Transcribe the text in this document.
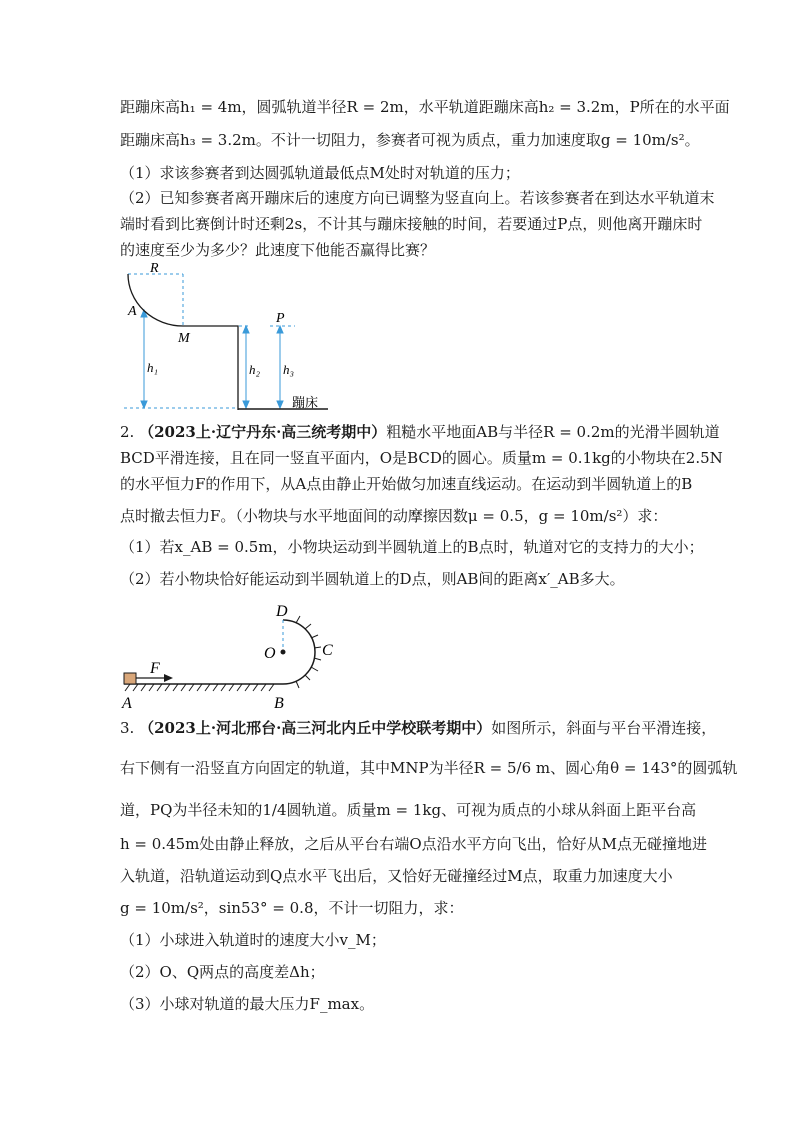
距蹦床高h₁ = 4m，圆弧轨道半径R = 2m，水平轨道距蹦床高h₂ = 3.2m，P所在的水平面
距蹦床高h₃ = 3.2m。不计一切阻力，参赛者可视为质点，重力加速度取g = 10m/s²。
（1）求该参赛者到达圆弧轨道最低点M处时对轨道的压力；
（2）已知参赛者离开蹦床后的速度方向已调整为竖直向上。若该参赛者在到达水平轨道末
端时看到比赛倒计时还剩2s，不计其与蹦床接触的时间，若要通过P点，则他离开蹦床时
的速度至少为多少？此速度下他能否赢得比赛？
R
A
M
P
h₁	h₂ h₃
蹦床
2. （2023上·辽宁丹东·高三统考期中）粗糙水平地面AB与半径R = 0.2m的光滑半圆轨道
BCD平滑连接，且在同一竖直平面内，O是BCD的圆心。质量m = 0.1kg的小物块在2.5N
的水平恒力F的作用下，从A点由静止开始做匀加速直线运动。在运动到半圆轨道上的B
点时撤去恒力F。（小物块与水平地面间的动摩擦因数μ = 0.5，g = 10m/s²）求：
（1）若x_AB = 0.5m，小物块运动到半圆轨道上的B点时，轨道对它的支持力的大小；
（2）若小物块恰好能运动到半圆轨道上的D点，则AB间的距离x′_AB多大。
D
O	C
F
A	B
3. （2023上·河北邢台·高三河北内丘中学校联考期中）如图所示，斜面与平台平滑连接，
右下侧有一沿竖直方向固定的轨道，其中MNP为半径R = 5/6 m、圆心角θ = 143°的圆弧轨
道，PQ为半径未知的1/4圆轨道。质量m = 1kg、可视为质点的小球从斜面上距平台高
h = 0.45m处由静止释放，之后从平台右端O点沿水平方向飞出，恰好从M点无碰撞地进
入轨道，沿轨道运动到Q点水平飞出后，又恰好无碰撞经过M点，取重力加速度大小
g = 10m/s²，sin53° = 0.8，不计一切阻力，求：
（1）小球进入轨道时的速度大小v_M；
（2）O、Q两点的高度差Δh；
（3）小球对轨道的最大压力F_max。
